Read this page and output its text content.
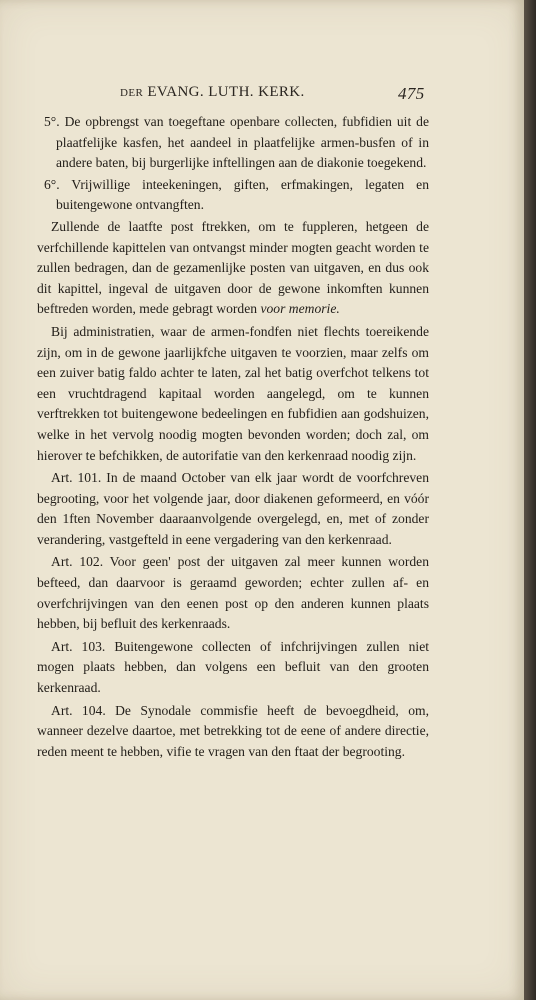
der EVANG. LUTH. KERK.	475

5°. De opbrengst van toegeftane openbare collecten, fubfidien uit de plaatfelijke kasfen, het aandeel in plaatfelijke armen-busfen of in andere baten, bij burgerlijke inftellingen aan de diakonie toegekend.

6°. Vrijwillige inteekeningen, giften, erfmakingen, legaten en buitengewone ontvangften.

Zullende de laatfte post ftrekken, om te fuppleren, hetgeen de verfchillende kapittelen van ontvangst minder mogten geacht worden te zullen bedragen, dan de gezamenlijke posten van uitgaven, en dus ook dit kapittel, ingeval de uitgaven door de gewone inkomften kunnen beftreden worden, mede gebragt worden voor memorie.

Bij administratien, waar de armen-fondfen niet flechts toereikende zijn, om in de gewone jaarlijkfche uitgaven te voorzien, maar zelfs om een zuiver batig faldo achter te laten, zal het batig overfchot telkens tot een vruchtdragend kapitaal worden aangelegd, om te kunnen verftrekken tot buitengewone bedeelingen en fubfidien aan godshuizen, welke in het vervolg noodig mogten bevonden worden; doch zal, om hierover te befchikken, de autorifatie van den kerkenraad noodig zijn.

Art. 101. In de maand October van elk jaar wordt de voorfchreven begrooting, voor het volgende jaar, door diakenen geformeerd, en vóór den 1ften November daaraanvolgende overgelegd, en, met of zonder verandering, vastgefteld in eene vergadering van den kerkenraad.

Art. 102. Voor geen' post der uitgaven zal meer kunnen worden befteed, dan daarvoor is geraamd geworden; echter zullen af- en overfchrijvingen van den eenen post op den anderen kunnen plaats hebben, bij befluit des kerkenraads.

Art. 103. Buitengewone collecten of infchrijvingen zullen niet mogen plaats hebben, dan volgens een befluit van den grooten kerkenraad.

Art. 104. De Synodale commisfie heeft de bevoegdheid, om, wanneer dezelve daartoe, met betrekking tot de eene of andere directie, reden meent te hebben, vifie te vragen van den ftaat der begrooting.
